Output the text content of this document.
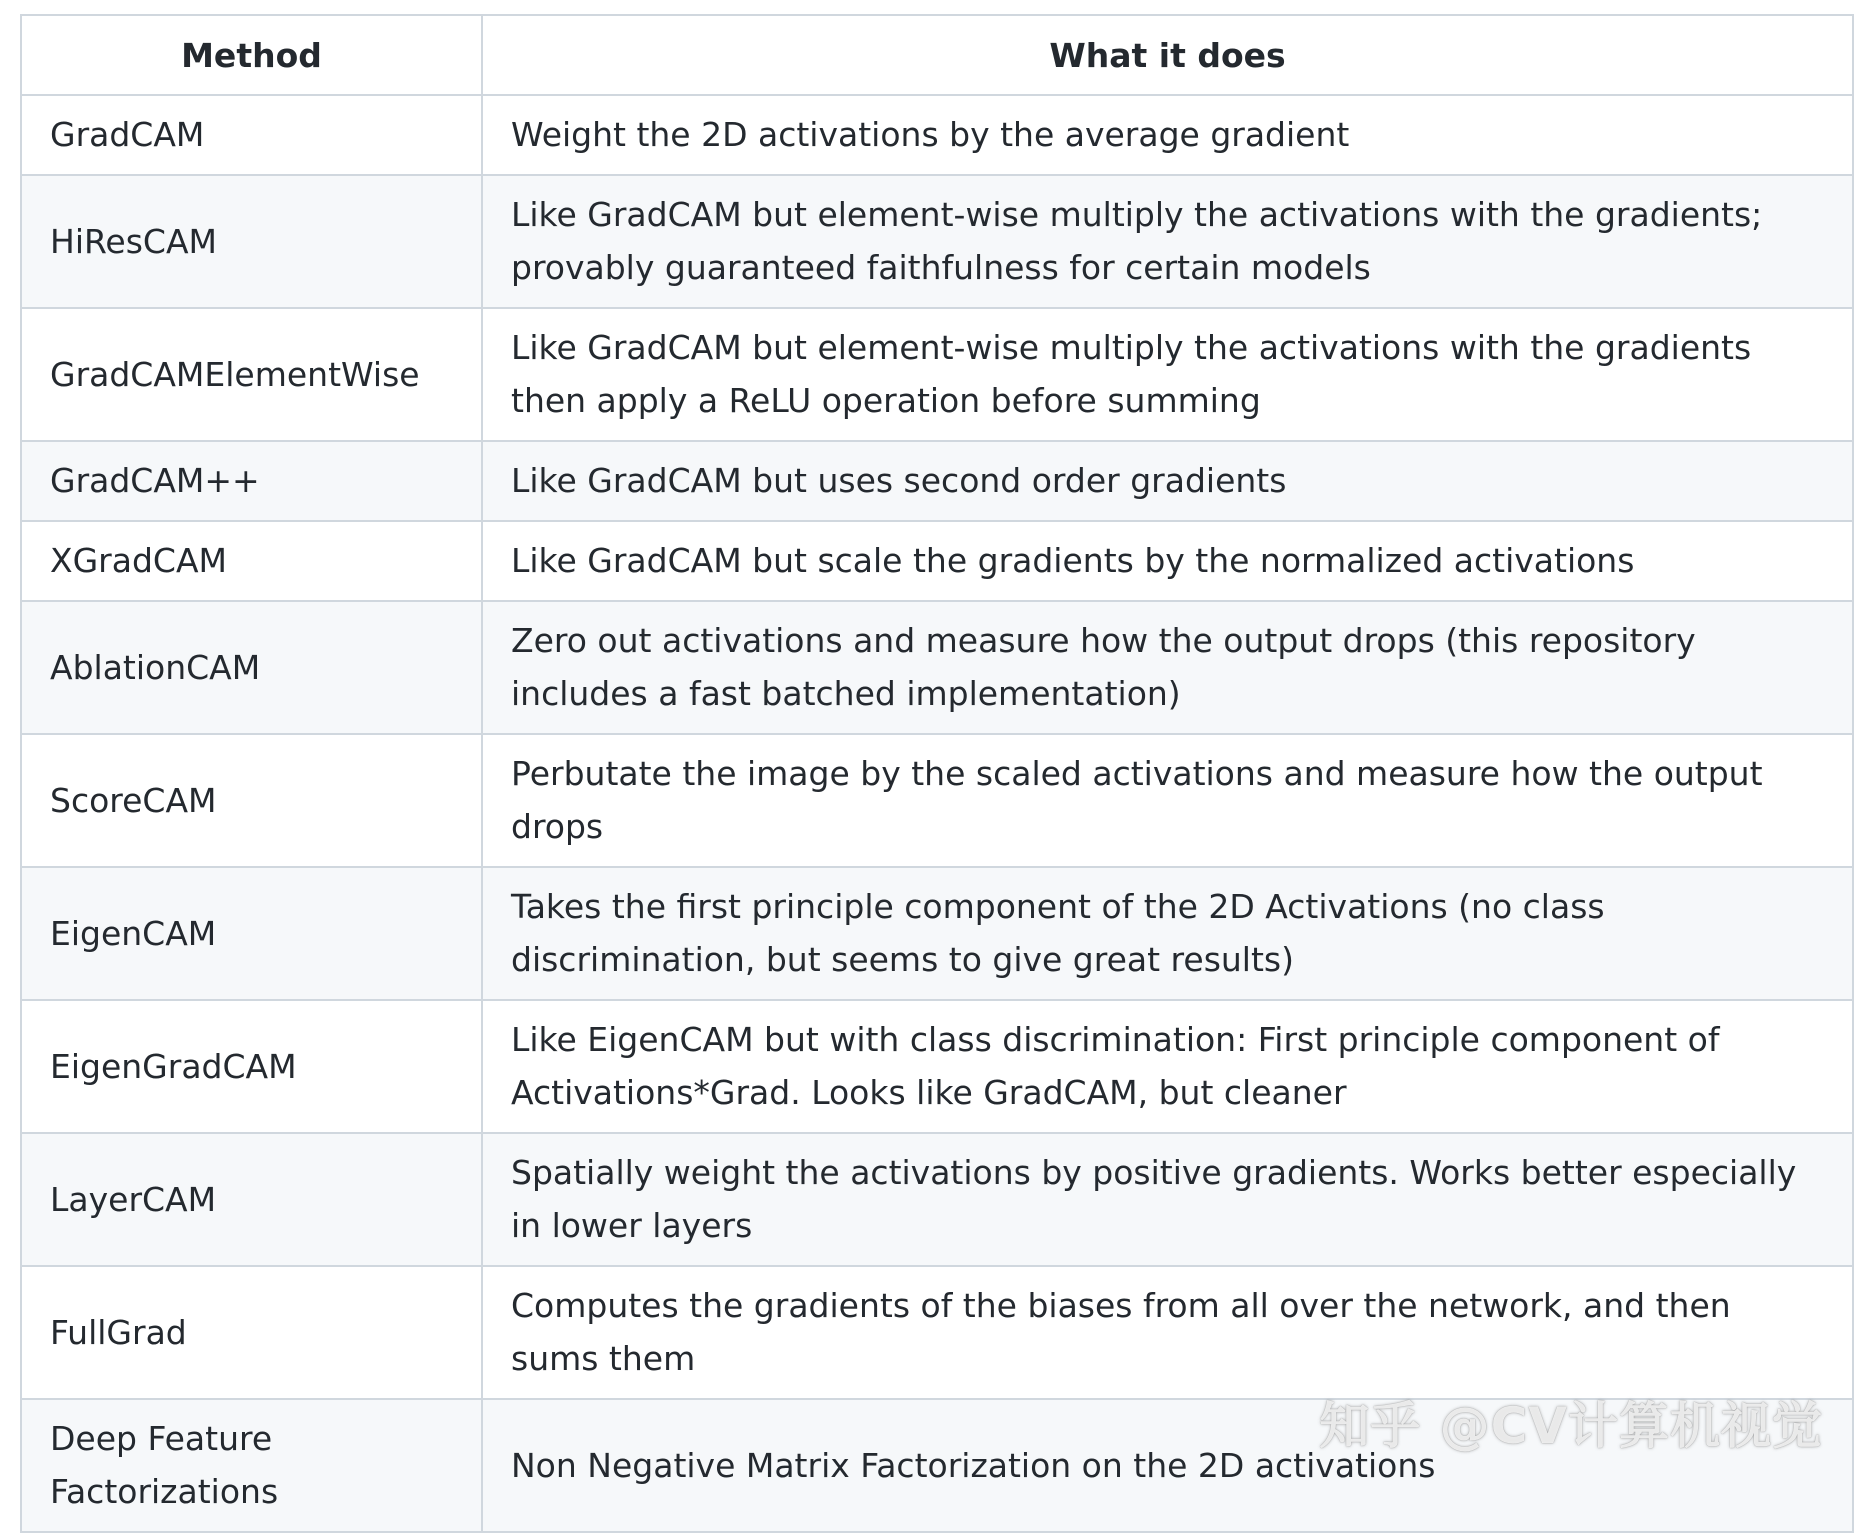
Method	What it does
GradCAM	Weight the 2D activations by the average gradient
HiResCAM	Like GradCAM but element-wise multiply the activations with the gradients; provably guaranteed faithfulness for certain models
GradCAMElementWise	Like GradCAM but element-wise multiply the activations with the gradients then apply a ReLU operation before summing
GradCAM++	Like GradCAM but uses second order gradients
XGradCAM	Like GradCAM but scale the gradients by the normalized activations
AblationCAM	Zero out activations and measure how the output drops (this repository includes a fast batched implementation)
ScoreCAM	Perbutate the image by the scaled activations and measure how the output drops
EigenCAM	Takes the first principle component of the 2D Activations (no class discrimination, but seems to give great results)
EigenGradCAM	Like EigenCAM but with class discrimination: First principle component of Activations*Grad. Looks like GradCAM, but cleaner
LayerCAM	Spatially weight the activations by positive gradients. Works better especially in lower layers
FullGrad	Computes the gradients of the biases from all over the network, and then sums them
Deep Feature Factorizations	Non Negative Matrix Factorization on the 2D activations
知乎 @CV计算机视觉
